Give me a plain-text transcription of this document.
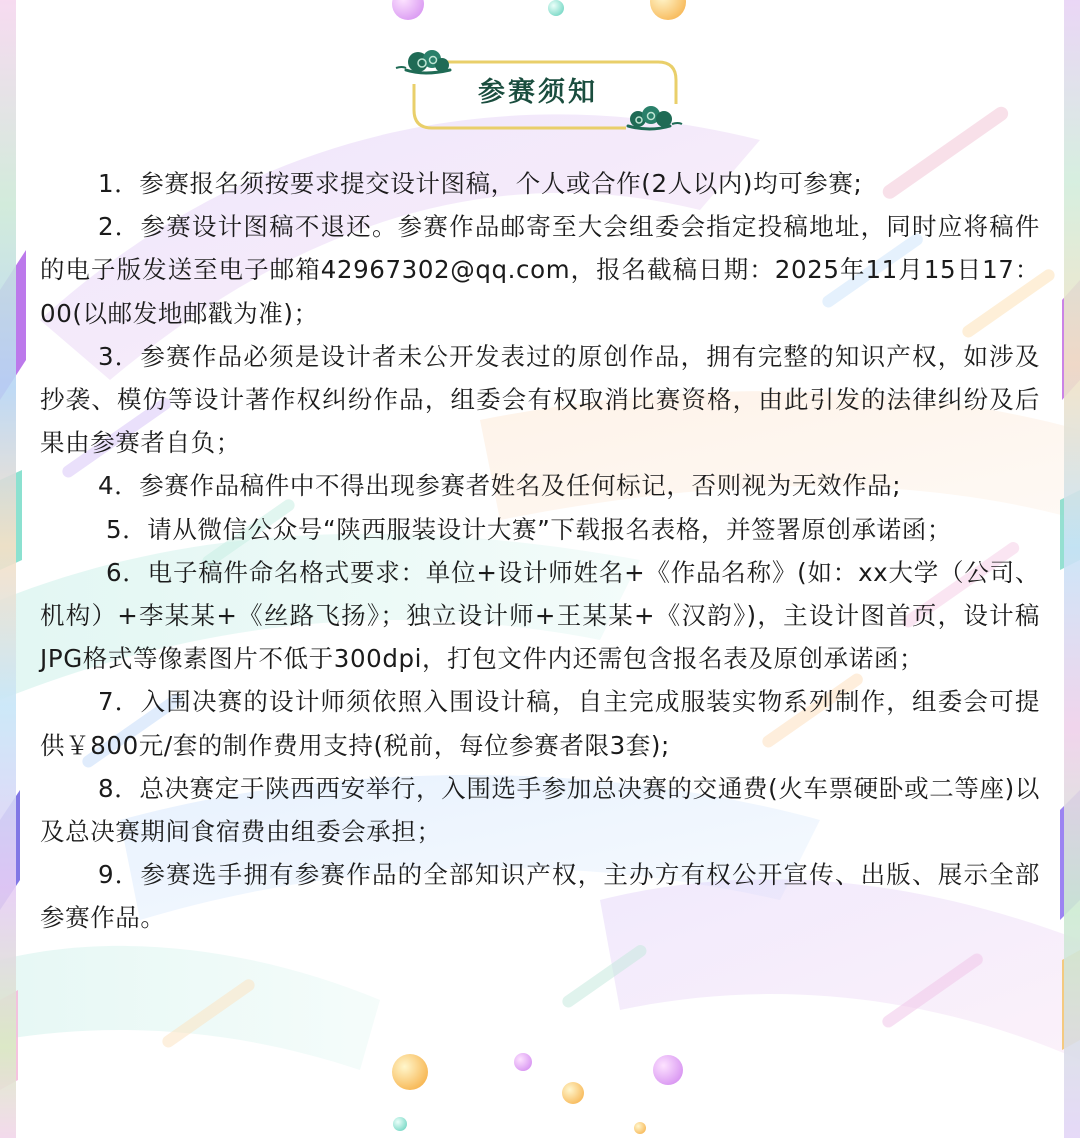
参赛须知

1．参赛报名须按要求提交设计图稿，个人或合作(2人以内)均可参赛;

2．参赛设计图稿不退还。参赛作品邮寄至大会组委会指定投稿地址，同时应将稿件的电子版发送至电子邮箱42967302@qq.com，报名截稿日期：2025年11月15日17：00(以邮发地邮戳为准)；

3．参赛作品必须是设计者未公开发表过的原创作品，拥有完整的知识产权，如涉及抄袭、模仿等设计著作权纠纷作品，组委会有权取消比赛资格，由此引发的法律纠纷及后果由参赛者自负；

4．参赛作品稿件中不得出现参赛者姓名及任何标记，否则视为无效作品;

5．请从微信公众号“陕西服装设计大赛”下载报名表格，并签署原创承诺函；

6．电子稿件命名格式要求：单位+设计师姓名+《作品名称》(如：xx大学（公司、机构）+李某某+《丝路飞扬》；独立设计师+王某某+《汉韵》)，主设计图首页，设计稿JPG格式等像素图片不低于300dpi，打包文件内还需包含报名表及原创承诺函；

7．入围决赛的设计师须依照入围设计稿，自主完成服装实物系列制作，组委会可提供￥800元/套的制作费用支持(税前，每位参赛者限3套);

8．总决赛定于陕西西安举行，入围选手参加总决赛的交通费(火车票硬卧或二等座)以及总决赛期间食宿费由组委会承担；

9．参赛选手拥有参赛作品的全部知识产权，主办方有权公开宣传、出版、展示全部参赛作品。
